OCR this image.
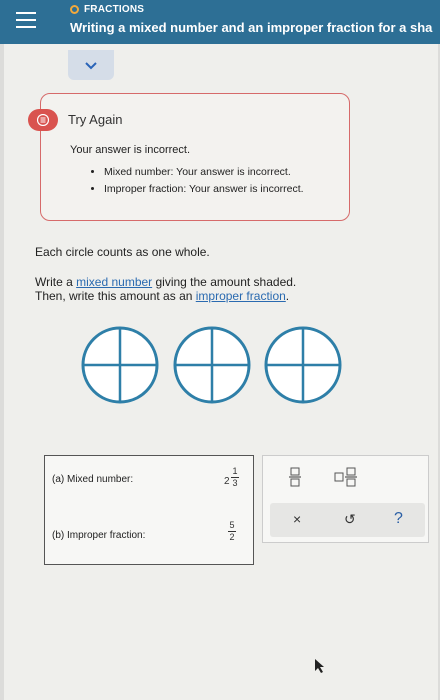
FRACTIONS
Writing a mixed number and an improper fraction for a sha
Try Again
Your answer is incorrect.
• Mixed number: Your answer is incorrect.
• Improper fraction: Your answer is incorrect.
Each circle counts as one whole.
Write a mixed number giving the amount shaded.
Then, write this amount as an improper fraction.
(a) Mixed number:	2
1
3
(b) Improper fraction:
5
2
×	↺ ?
